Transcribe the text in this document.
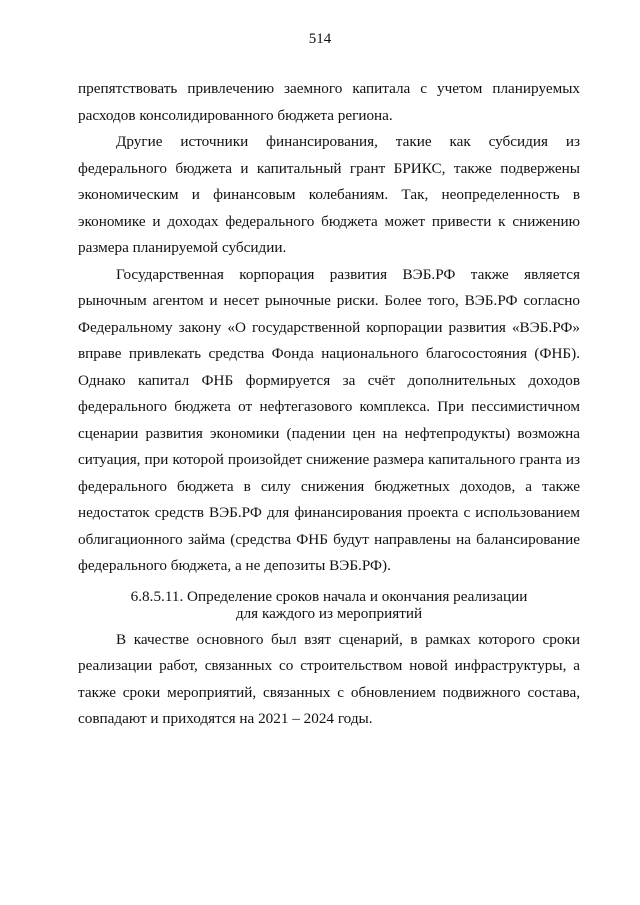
514

препятствовать привлечению заемного капитала с учетом планируемых расходов консолидированного бюджета региона.

Другие источники финансирования, такие как субсидия из федерального бюджета и капитальный грант БРИКС, также подвержены экономическим и финансовым колебаниям. Так, неопределенность в экономике и доходах федерального бюджета может привести к снижению размера планируемой субсидии.

Государственная корпорация развития ВЭБ.РФ также является рыночным агентом и несет рыночные риски. Более того, ВЭБ.РФ согласно Федеральному закону «О государственной корпорации развития «ВЭБ.РФ» вправе привлекать средства Фонда национального благосостояния (ФНБ). Однако капитал ФНБ формируется за счёт дополнительных доходов федерального бюджета от нефтегазового комплекса. При пессимистичном сценарии развития экономики (падении цен на нефтепродукты) возможна ситуация, при которой произойдет снижение размера капитального гранта из федерального бюджета в силу снижения бюджетных доходов, а также недостаток средств ВЭБ.РФ для финансирования проекта с использованием облигационного займа (средства ФНБ будут направлены на балансирование федерального бюджета, а не депозиты ВЭБ.РФ).

6.8.5.11. Определение сроков начала и окончания реализации
для каждого из мероприятий

В качестве основного был взят сценарий, в рамках которого сроки реализации работ, связанных со строительством новой инфраструктуры, а также сроки мероприятий, связанных с обновлением подвижного состава, совпадают и приходятся на 2021 – 2024 годы.
